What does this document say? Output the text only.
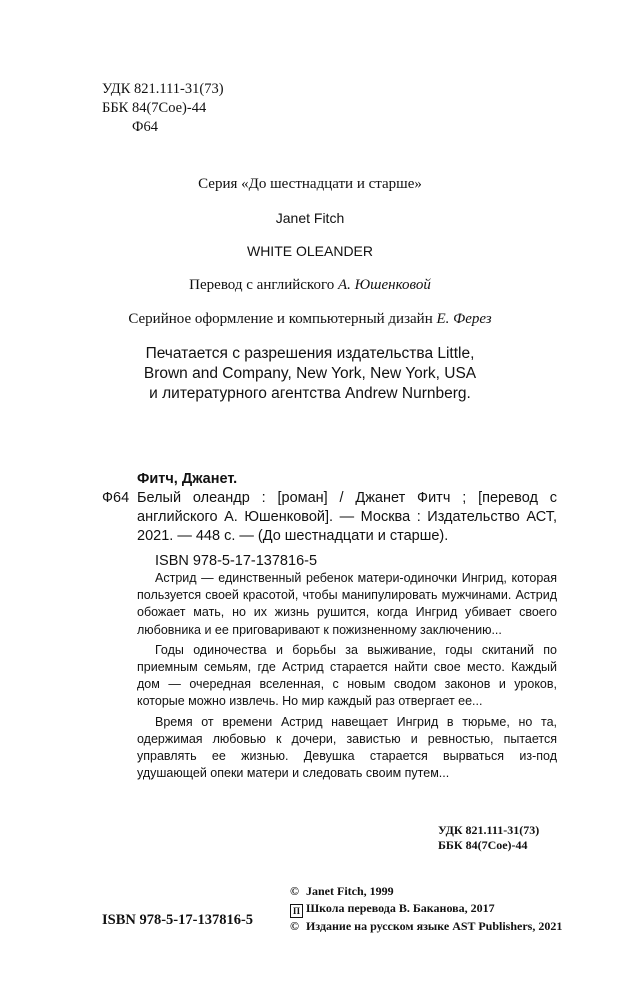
УДК 821.111-31(73)
ББК 84(7Сое)-44
Ф64
Серия «До шестнадцати и старше»
Janet Fitch
WHITE OLEANDER
Перевод с английского А. Юшенковой
Серийное оформление и компьютерный дизайн Е. Ферез
Печатается с разрешения издательства Little,
Brown and Company, New York, New York, USA
и литературного агентства Andrew Nurnberg.
Фитч, Джанет.
Ф64 Белый олеандр : [роман] / Джанет Фитч ; [перевод с английского А. Юшенковой]. — Москва : Издательство АСТ, 2021. — 448 с. — (До шестнадцати и старше).
ISBN 978-5-17-137816-5

Астрид — единственный ребенок матери-одиночки Ингрид, которая пользуется своей красотой, чтобы манипулировать мужчинами. Астрид обожает мать, но их жизнь рушится, когда Ингрид убивает своего любовника и ее приговаривают к пожизненному заключению...

Годы одиночества и борьбы за выживание, годы скитаний по приемным семьям, где Астрид старается найти свое место. Каждый дом — очередная вселенная, с новым сводом законов и уроков, которые можно извлечь. Но мир каждый раз отвергает ее...

Время от времени Астрид навещает Ингрид в тюрьме, но та, одержимая любовью к дочери, завистью и ревностью, пытается управлять ее жизнью. Девушка старается вырваться из-под удушающей опеки матери и следовать своим путем...

УДК 821.111-31(73)
ББК 84(7Сое)-44
© Janet Fitch, 1999
П Школа перевода В. Баканова, 2017
© Издание на русском языке AST Publishers, 2021
ISBN 978-5-17-137816-5
